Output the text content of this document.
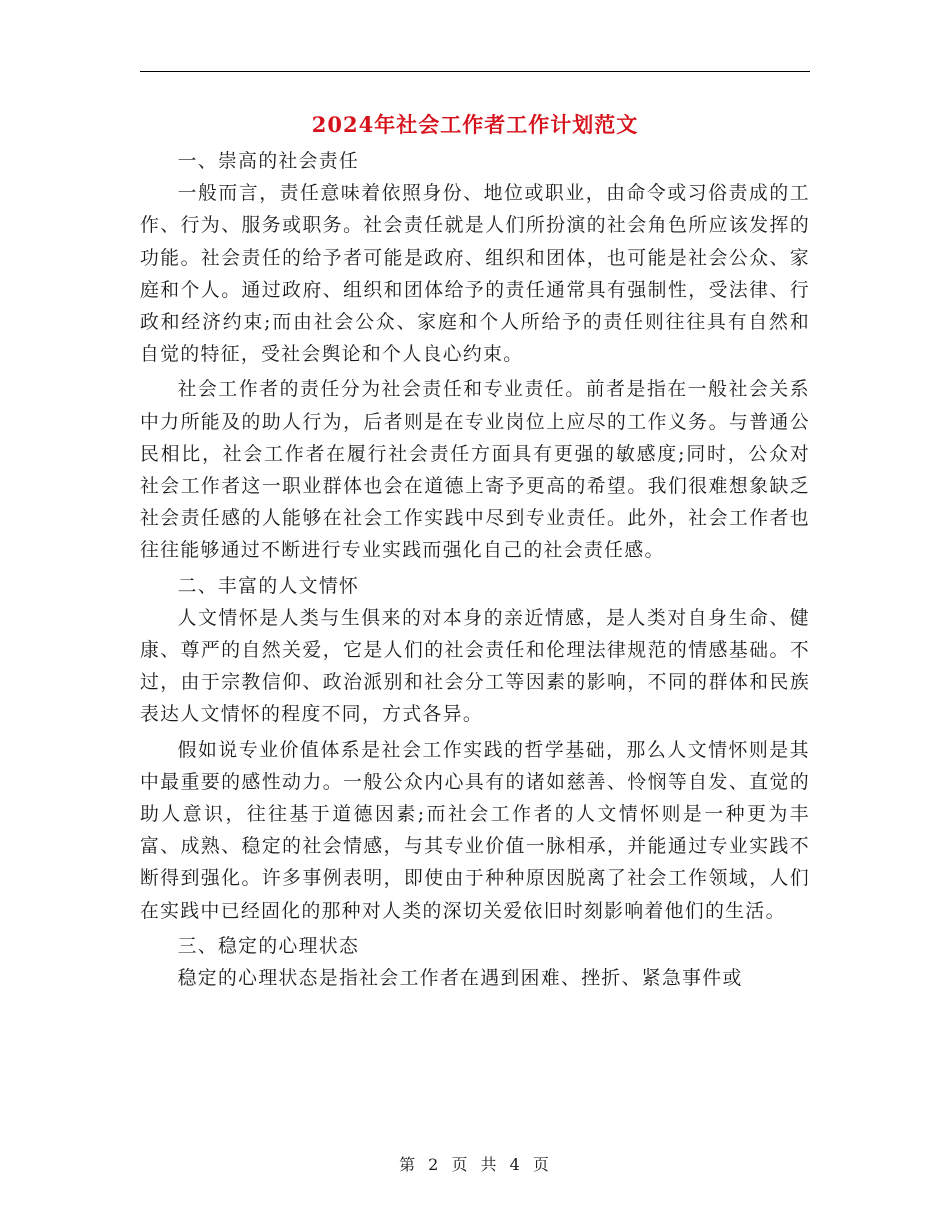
2024年社会工作者工作计划范文

一、崇高的社会责任

一般而言，责任意味着依照身份、地位或职业，由命令或习俗责成的工作、行为、服务或职务。社会责任就是人们所扮演的社会角色所应该发挥的功能。社会责任的给予者可能是政府、组织和团体，也可能是社会公众、家庭和个人。通过政府、组织和团体给予的责任通常具有强制性，受法律、行政和经济约束;而由社会公众、家庭和个人所给予的责任则往往具有自然和自觉的特征，受社会舆论和个人良心约束。

社会工作者的责任分为社会责任和专业责任。前者是指在一般社会关系中力所能及的助人行为，后者则是在专业岗位上应尽的工作义务。与普通公民相比，社会工作者在履行社会责任方面具有更强的敏感度;同时，公众对社会工作者这一职业群体也会在道德上寄予更高的希望。我们很难想象缺乏社会责任感的人能够在社会工作实践中尽到专业责任。此外，社会工作者也往往能够通过不断进行专业实践而强化自己的社会责任感。

二、丰富的人文情怀

人文情怀是人类与生俱来的对本身的亲近情感，是人类对自身生命、健康、尊严的自然关爱，它是人们的社会责任和伦理法律规范的情感基础。不过，由于宗教信仰、政治派别和社会分工等因素的影响，不同的群体和民族表达人文情怀的程度不同，方式各异。

假如说专业价值体系是社会工作实践的哲学基础，那么人文情怀则是其中最重要的感性动力。一般公众内心具有的诸如慈善、怜悯等自发、直觉的助人意识，往往基于道德因素;而社会工作者的人文情怀则是一种更为丰富、成熟、稳定的社会情感，与其专业价值一脉相承，并能通过专业实践不断得到强化。许多事例表明，即使由于种种原因脱离了社会工作领域，人们在实践中已经固化的那种对人类的深切关爱依旧时刻影响着他们的生活。

三、稳定的心理状态

稳定的心理状态是指社会工作者在遇到困难、挫折、紧急事件或

第 2 页 共 4 页
